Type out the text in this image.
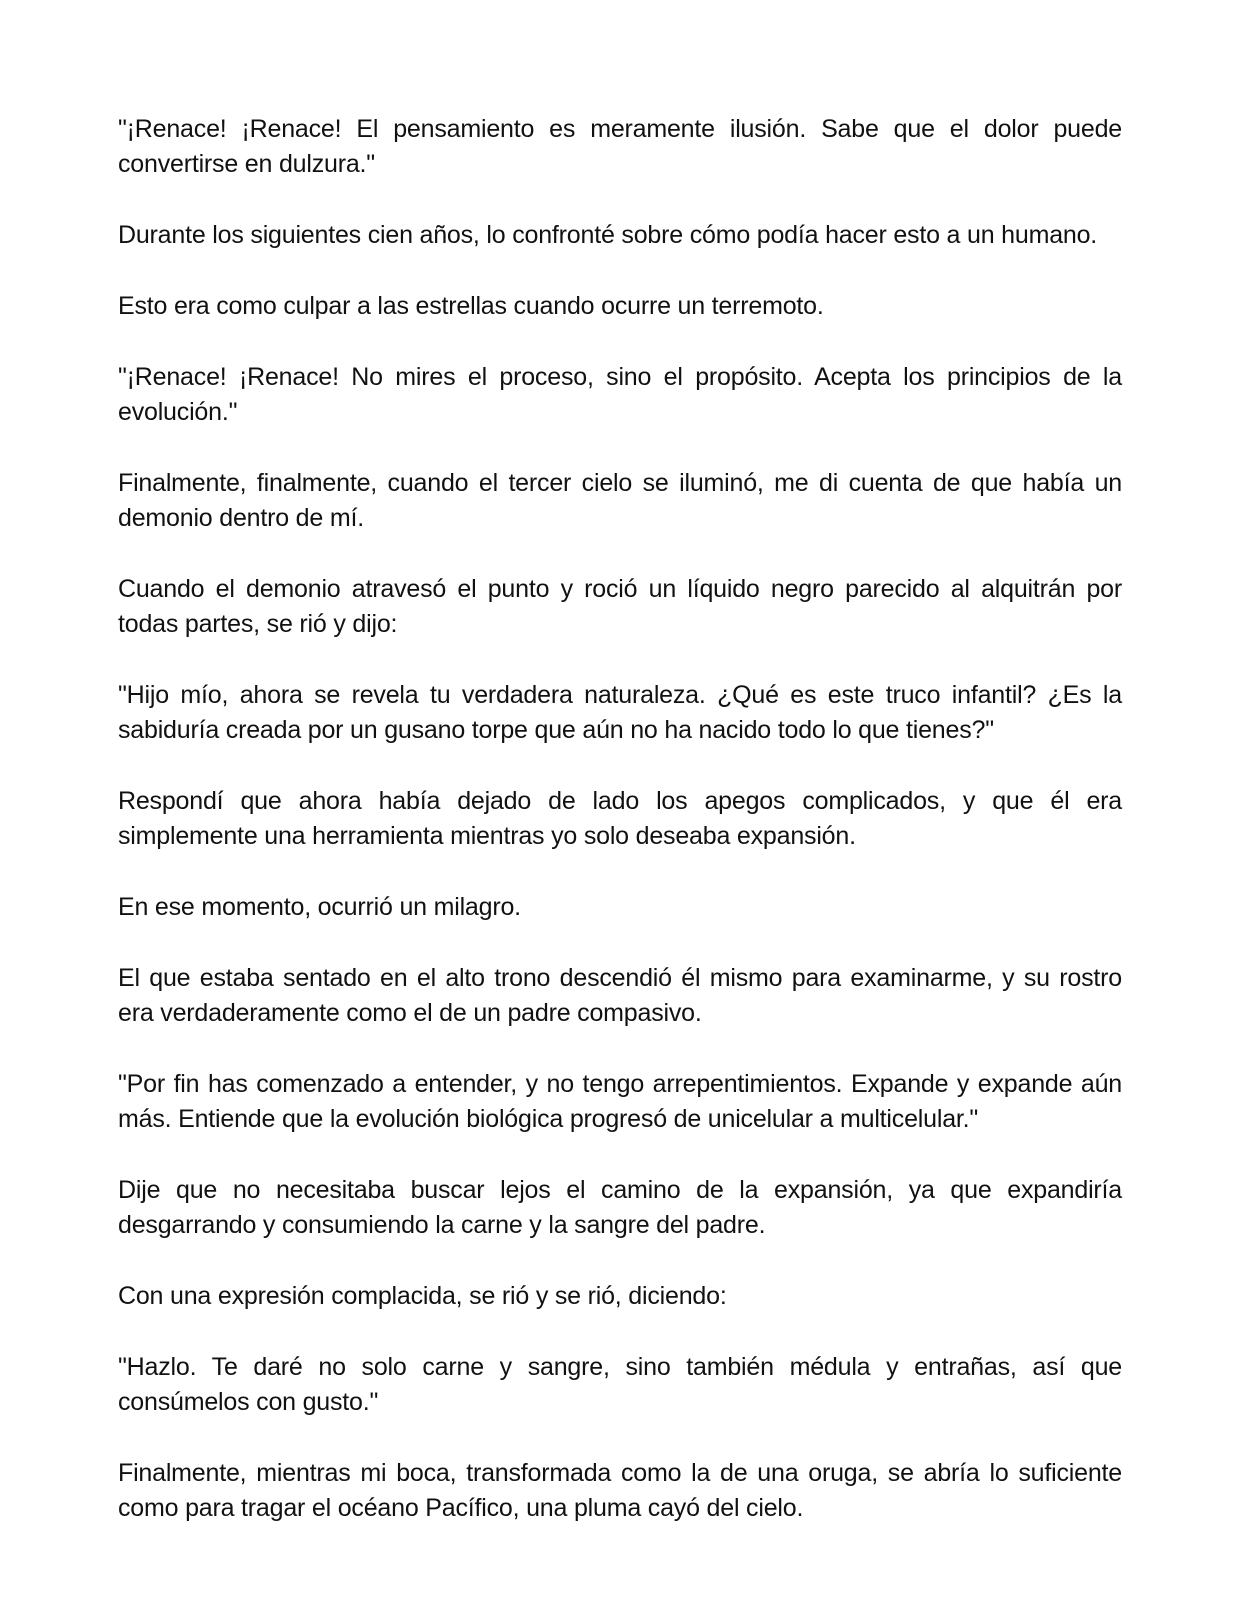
"¡Renace! ¡Renace! El pensamiento es meramente ilusión. Sabe que el dolor puede convertirse en dulzura."

Durante los siguientes cien años, lo confronté sobre cómo podía hacer esto a un humano.

Esto era como culpar a las estrellas cuando ocurre un terremoto.

"¡Renace! ¡Renace! No mires el proceso, sino el propósito. Acepta los principios de la evolución."

Finalmente, finalmente, cuando el tercer cielo se iluminó, me di cuenta de que había un demonio dentro de mí.

Cuando el demonio atravesó el punto y roció un líquido negro parecido al alquitrán por todas partes, se rió y dijo:

"Hijo mío, ahora se revela tu verdadera naturaleza. ¿Qué es este truco infantil? ¿Es la sabiduría creada por un gusano torpe que aún no ha nacido todo lo que tienes?"

Respondí que ahora había dejado de lado los apegos complicados, y que él era simplemente una herramienta mientras yo solo deseaba expansión.

En ese momento, ocurrió un milagro.

El que estaba sentado en el alto trono descendió él mismo para examinarme, y su rostro era verdaderamente como el de un padre compasivo.

"Por fin has comenzado a entender, y no tengo arrepentimientos. Expande y expande aún más. Entiende que la evolución biológica progresó de unicelular a multicelular."

Dije que no necesitaba buscar lejos el camino de la expansión, ya que expandiría desgarrando y consumiendo la carne y la sangre del padre.

Con una expresión complacida, se rió y se rió, diciendo:

"Hazlo. Te daré no solo carne y sangre, sino también médula y entrañas, así que consúmelos con gusto."

Finalmente, mientras mi boca, transformada como la de una oruga, se abría lo suficiente como para tragar el océano Pacífico, una pluma cayó del cielo.
